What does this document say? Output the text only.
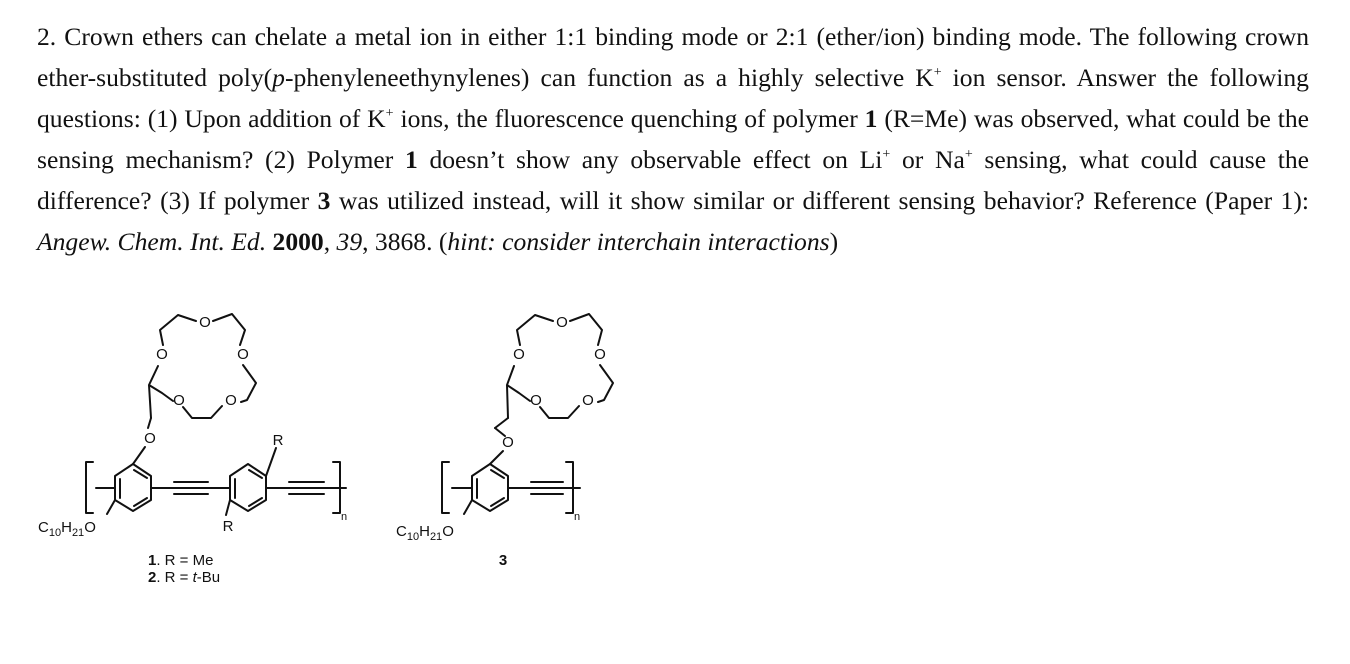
2. Crown ethers can chelate a metal ion in either 1:1 binding mode or 2:1 (ether/ion) binding mode. The following crown ether-substituted poly(p-phenyleneethynylenes) can function as a highly selective K+ ion sensor. Answer the following questions: (1) Upon addition of K+ ions, the fluorescence quenching of polymer 1 (R=Me) was observed, what could be the sensing mechanism? (2) Polymer 1 doesn’t show any observable effect on Li+ or Na+ sensing, what could cause the difference? (3) If polymer 3 was utilized instead, will it show similar or different sensing behavior? Reference (Paper 1): Angew. Chem. Int. Ed. 2000, 39, 3868. (hint: consider interchain interactions)
O
O
O
O	O
O
$C_{10}H_{21}O$
R
R
n
1. R = Me
2. R = t-Bu
O
O
O
O	O
O
$C_{10}H_{21}O$
n
3
